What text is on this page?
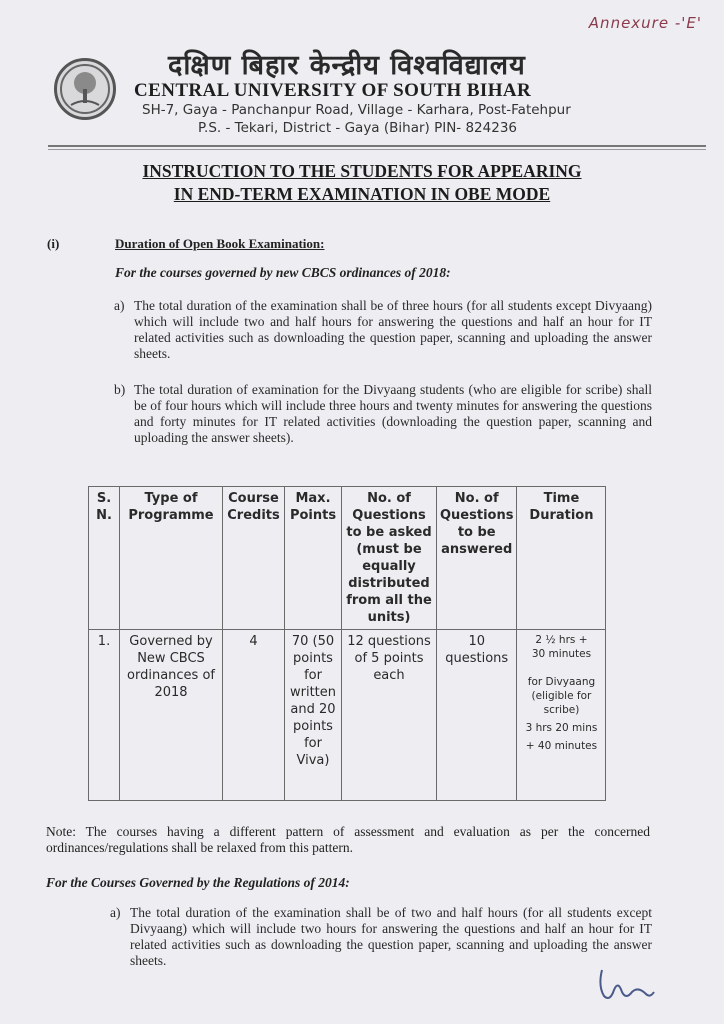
Annexure -'E'
दक्षिण बिहार केन्द्रीय विश्वविद्यालय
CENTRAL UNIVERSITY OF SOUTH BIHAR
SH-7, Gaya - Panchanpur Road, Village - Karhara, Post-Fatehpur
P.S. - Tekari, District - Gaya (Bihar) PIN- 824236
INSTRUCTION TO THE STUDENTS FOR APPEARING
IN END-TERM EXAMINATION IN OBE MODE
(i)	Duration of Open Book Examination:
For the courses governed by new CBCS ordinances of 2018:
a) The total duration of the examination shall be of three hours (for all students except Divyaang) which will include two and half hours for answering the questions and half an hour for IT related activities such as downloading the question paper, scanning and uploading the answer sheets.
b) The total duration of examination for the Divyaang students (who are eligible for scribe) shall be of four hours which will include three hours and twenty minutes for answering the questions and forty minutes for IT related activities (downloading the question paper, scanning and uploading the answer sheets).
S. N.	Type of Programme	Course Credits	Max. Points	No. of Questions to be asked (must be equally distributed from all the units)	No. of Questions to be answered	Time Duration
1.	Governed by New CBCS ordinances of 2018	4	70 (50 points for written and 20 points for Viva)	12 questions of 5 points each	10 questions	2 ½ hrs +
30 minutes
for Divyaang (eligible for scribe)
3 hrs 20 mins
+ 40 minutes
Note: The courses having a different pattern of assessment and evaluation as per the concerned ordinances/regulations shall be relaxed from this pattern.
For the Courses Governed by the Regulations of 2014:
a) The total duration of the examination shall be of two and half hours (for all students except Divyaang) which will include two hours for answering the questions and half an hour for IT related activities such as downloading the question paper, scanning and uploading the answer sheets.
